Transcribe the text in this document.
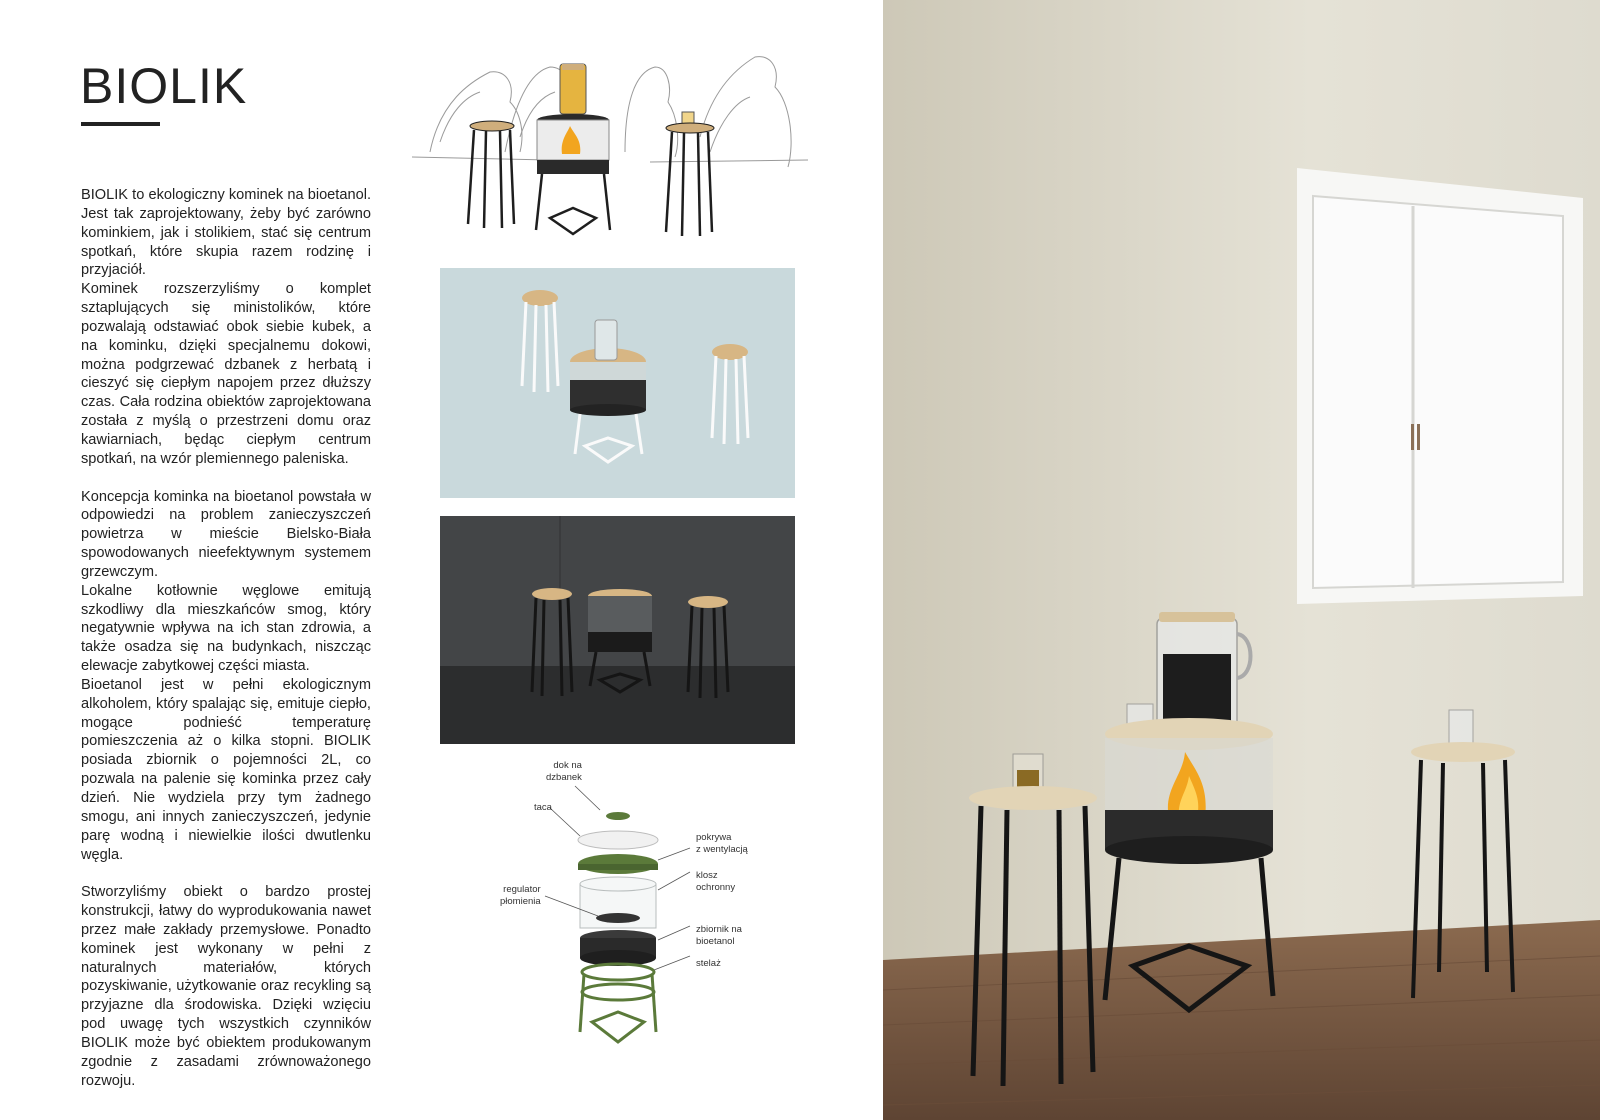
BIOLIK

BIOLIK to ekologiczny kominek na bioetanol. Jest tak zaprojektowany, żeby być zarówno kominkiem, jak i stolikiem, stać się centrum spotkań, które skupia razem rodzinę i przyjaciół.

Kominek rozszerzyliśmy o komplet sztaplujących się ministolików, które pozwalają odstawiać obok siebie kubek, a na kominku, dzięki specjalnemu dokowi, można podgrzewać dzbanek z herbatą i cieszyć się ciepłym napojem przez dłuższy czas. Cała rodzina obiektów zaprojektowana została z myślą o przestrzeni domu oraz kawiarniach, będąc ciepłym centrum spotkań, na wzór plemiennego paleniska.

Koncepcja kominka na bioetanol powstała w odpowiedzi na problem zanieczyszczeń powietrza w mieście Bielsko-Biała spowodowanych nieefektywnym systemem grzewczym.

Lokalne kotłownie węglowe emitują szkodliwy dla mieszkańców smog, który negatywnie wpływa na ich stan zdrowia, a także osadza się na budynkach, niszcząc elewacje zabytkowej części miasta.

Bioetanol jest w pełni ekologicznym alkoholem, który spalając się, emituje ciepło, mogące podnieść temperaturę pomieszczenia aż o kilka stopni. BIOLIK posiada zbiornik o pojemności 2L, co pozwala na palenie się kominka przez cały dzień. Nie wydziela przy tym żadnego smogu, ani innych zanieczyszczeń, jedynie parę wodną i niewielkie ilości dwutlenku węgla.

Stworzyliśmy obiekt o bardzo prostej konstrukcji, łatwy do wyprodukowania nawet przez małe zakłady przemysłowe. Ponadto kominek jest wykonany w pełni z naturalnych materiałów, których pozyskiwanie, użytkowanie oraz recykling są przyjazne dla środowiska. Dzięki wzięciu pod uwagę tych wszystkich czynników BIOLIK może być obiektem produkowanym zgodnie z zasadami zrównoważonego rozwoju.

dok na
dzbanek
taca
pokrywa
z wentylacją
klosz
ochronny
regulator
płomienia
zbiornik na
bioetanol
stelaż
